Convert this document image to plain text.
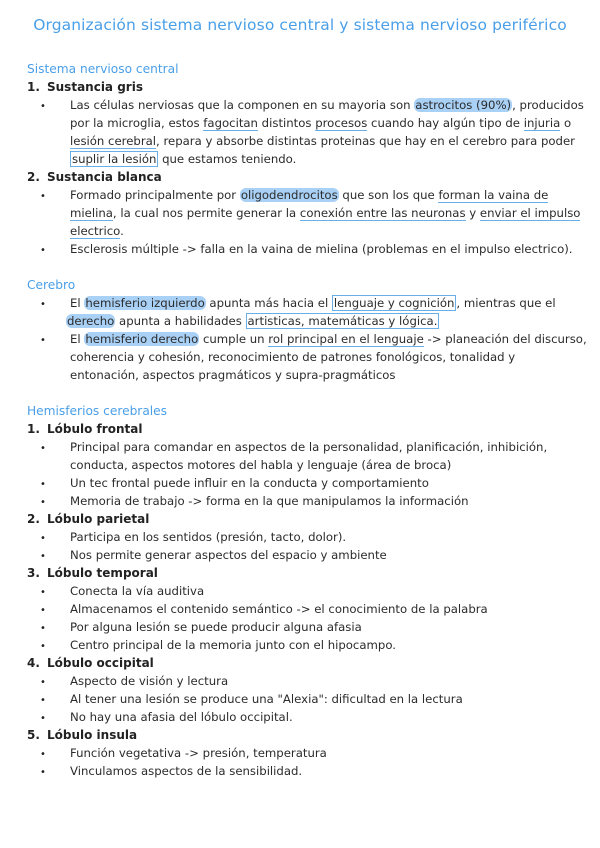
Organización sistema nervioso central y sistema nervioso periférico
Sistema nervioso central
1. Sustancia gris
• Las células nerviosas que la componen en su mayoria son astrocitos (90%), producidos
por la microglia, estos fagocitan distintos procesos cuando hay algún tipo de injuria o
lesión cerebral, repara y absorbe distintas proteinas que hay en el cerebro para poder
suplir la lesión que estamos teniendo.
2. Sustancia blanca
• Formado principalmente por oligodendrocitos que son los que forman la vaina de
mielina, la cual nos permite generar la conexión entre las neuronas y enviar el impulso
electrico.
• Esclerosis múltiple -> falla en la vaina de mielina (problemas en el impulso electrico).
Cerebro
• El hemisferio izquierdo apunta más hacia el lenguaje y cognición , mientras que el
derecho apunta a habilidades artisticas, matemáticas y lógica.
• El hemisferio derecho cumple un rol principal en el lenguaje -> planeación del discurso,
coherencia y cohesión, reconocimiento de patrones fonológicos, tonalidad y
entonación, aspectos pragmáticos y supra-pragmáticos
Hemisferios cerebrales
1. Lóbulo frontal
• Principal para comandar en aspectos de la personalidad, planificación, inhibición,
conducta, aspectos motores del habla y lenguaje (área de broca)
• Un tec frontal puede influir en la conducta y comportamiento
• Memoria de trabajo -> forma en la que manipulamos la información
2. Lóbulo parietal
• Participa en los sentidos (presión, tacto, dolor).
• Nos permite generar aspectos del espacio y ambiente
3. Lóbulo temporal
• Conecta la vía auditiva
• Almacenamos el contenido semántico -> el conocimiento de la palabra
• Por alguna lesión se puede producir alguna afasia
• Centro principal de la memoria junto con el hipocampo.
4. Lóbulo occipital
• Aspecto de visión y lectura
• Al tener una lesión se produce una "Alexia": dificultad en la lectura
• No hay una afasia del lóbulo occipital.
5. Lóbulo insula
• Función vegetativa -> presión, temperatura
• Vinculamos aspectos de la sensibilidad.
